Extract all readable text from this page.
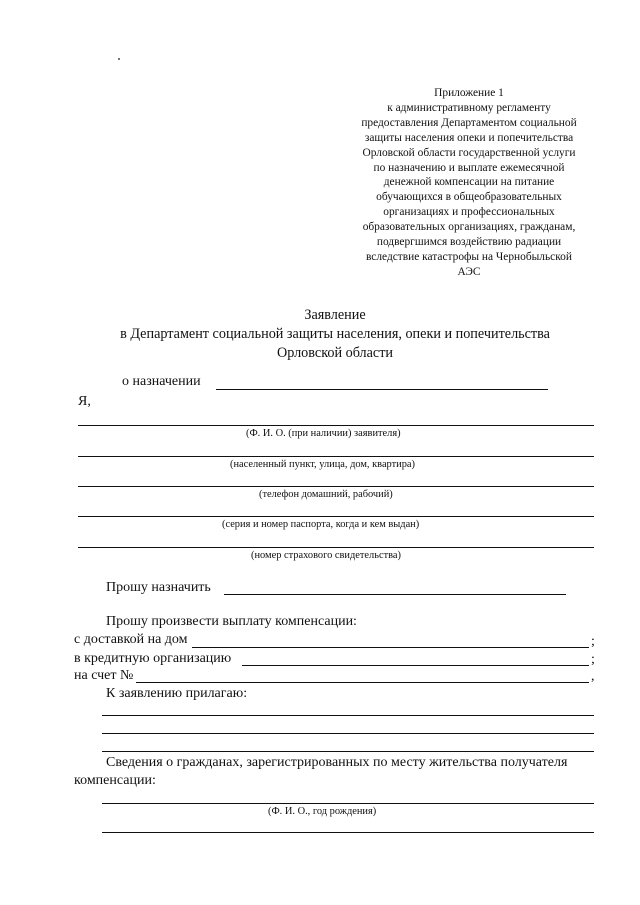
Приложение 1
к административному регламенту
предоставления Департаментом социальной
защиты населения опеки и попечительства
Орловской области государственной услуги
по назначению и выплате ежемесячной
денежной компенсации на питание
обучающихся в общеобразовательных
организациях и профессиональных
образовательных организациях, гражданам,
подвергшимся воздействию радиации
вследствие катастрофы на Чернобыльской
АЭС
Заявление
в Департамент социальной защиты населения, опеки и попечительства
Орловской области
о назначении
Я,
(Ф. И. О. (при наличии) заявителя)
(населенный пункт, улица, дом, квартира)
(телефон домашний, рабочий)
(серия и номер паспорта, когда и кем выдан)
(номер страхового свидетельства)
Прошу назначить
Прошу произвести выплату компенсации:
с доставкой на дом	;
в кредитную организацию	;
на счет №	,
К заявлению прилагаю:
Сведения о гражданах, зарегистрированных по месту жительства получателя
компенсации:
(Ф. И. О., год рождения)
